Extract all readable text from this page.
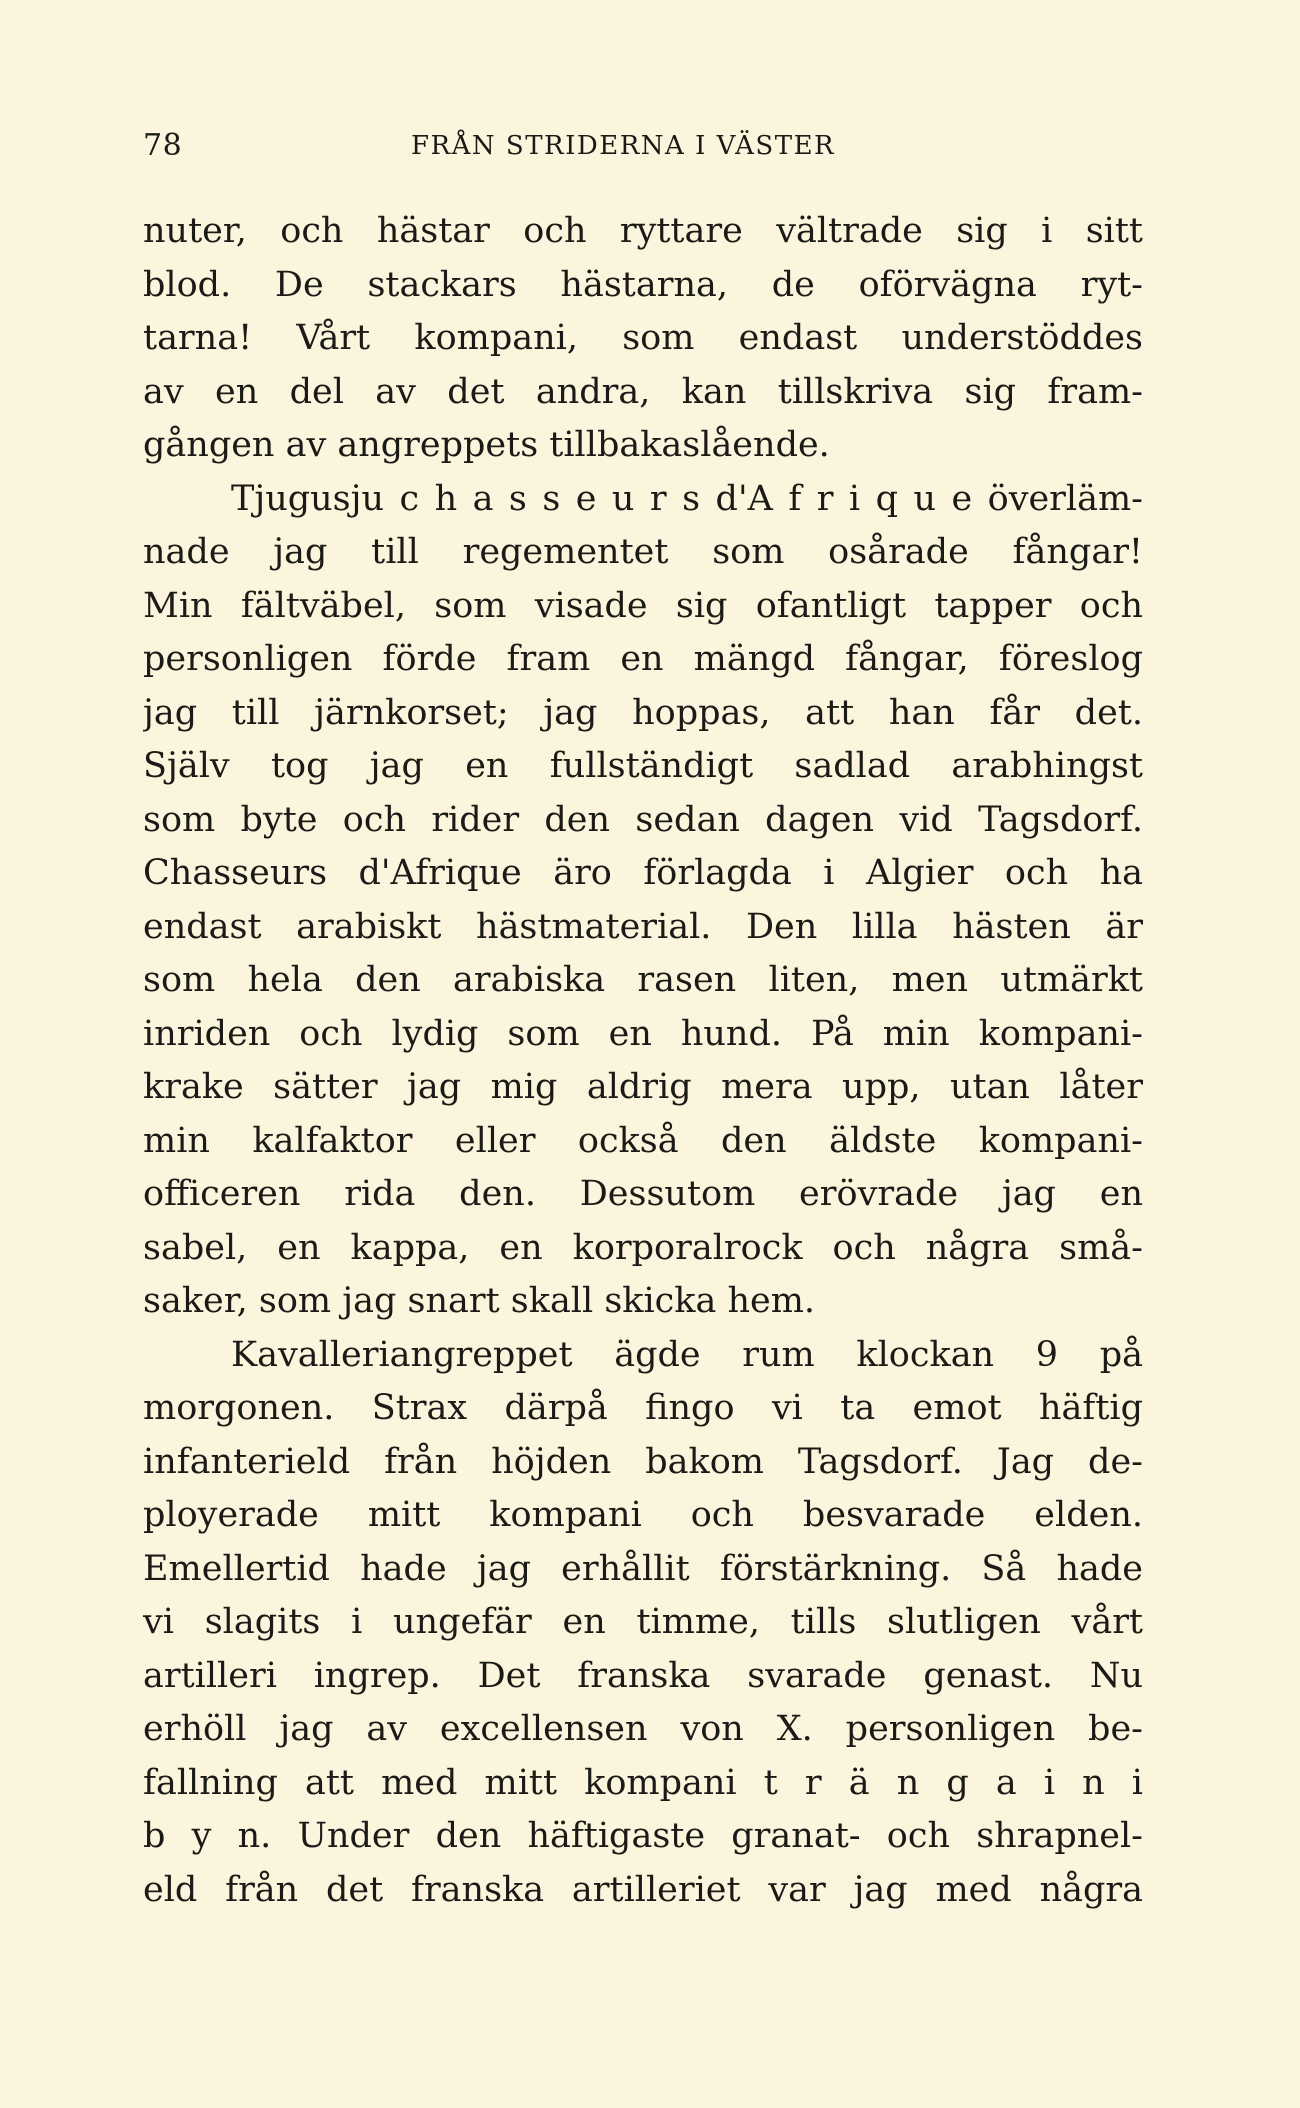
78	FRÅN STRIDERNA I VÄSTER
nuter, och hästar och ryttare vältrade sig i sitt
blod. De stackars hästarna, de oförvägna ryt-
tarna! Vårt kompani, som endast understöddes
av en del av det andra, kan tillskriva sig fram-
gången av angreppets tillbakaslående.
Tjugusju c h a s s e u r s d'A f r i q u e överläm-
nade jag till regementet som osårade fångar!
Min fältväbel, som visade sig ofantligt tapper och
personligen förde fram en mängd fångar, föreslog
jag till järnkorset; jag hoppas, att han får det.
Själv tog jag en fullständigt sadlad arabhingst
som byte och rider den sedan dagen vid Tagsdorf.
Chasseurs d'Afrique äro förlagda i Algier och ha
endast arabiskt hästmaterial. Den lilla hästen är
som hela den arabiska rasen liten, men utmärkt
inriden och lydig som en hund. På min kompani-
krake sätter jag mig aldrig mera upp, utan låter
min kalfaktor eller också den äldste kompani-
officeren rida den. Dessutom erövrade jag en
sabel, en kappa, en korporalrock och några små-
saker, som jag snart skall skicka hem.
Kavalleriangreppet ägde rum klockan 9 på
morgonen. Strax därpå fingo vi ta emot häftig
infanterield från höjden bakom Tagsdorf. Jag de-
ployerade mitt kompani och besvarade elden.
Emellertid hade jag erhållit förstärkning. Så hade
vi slagits i ungefär en timme, tills slutligen vårt
artilleri ingrep. Det franska svarade genast. Nu
erhöll jag av excellensen von X. personligen be-
fallning att med mitt kompani t r ä n g a i n i
b y n. Under den häftigaste granat- och shrapnel-
eld från det franska artilleriet var jag med några
